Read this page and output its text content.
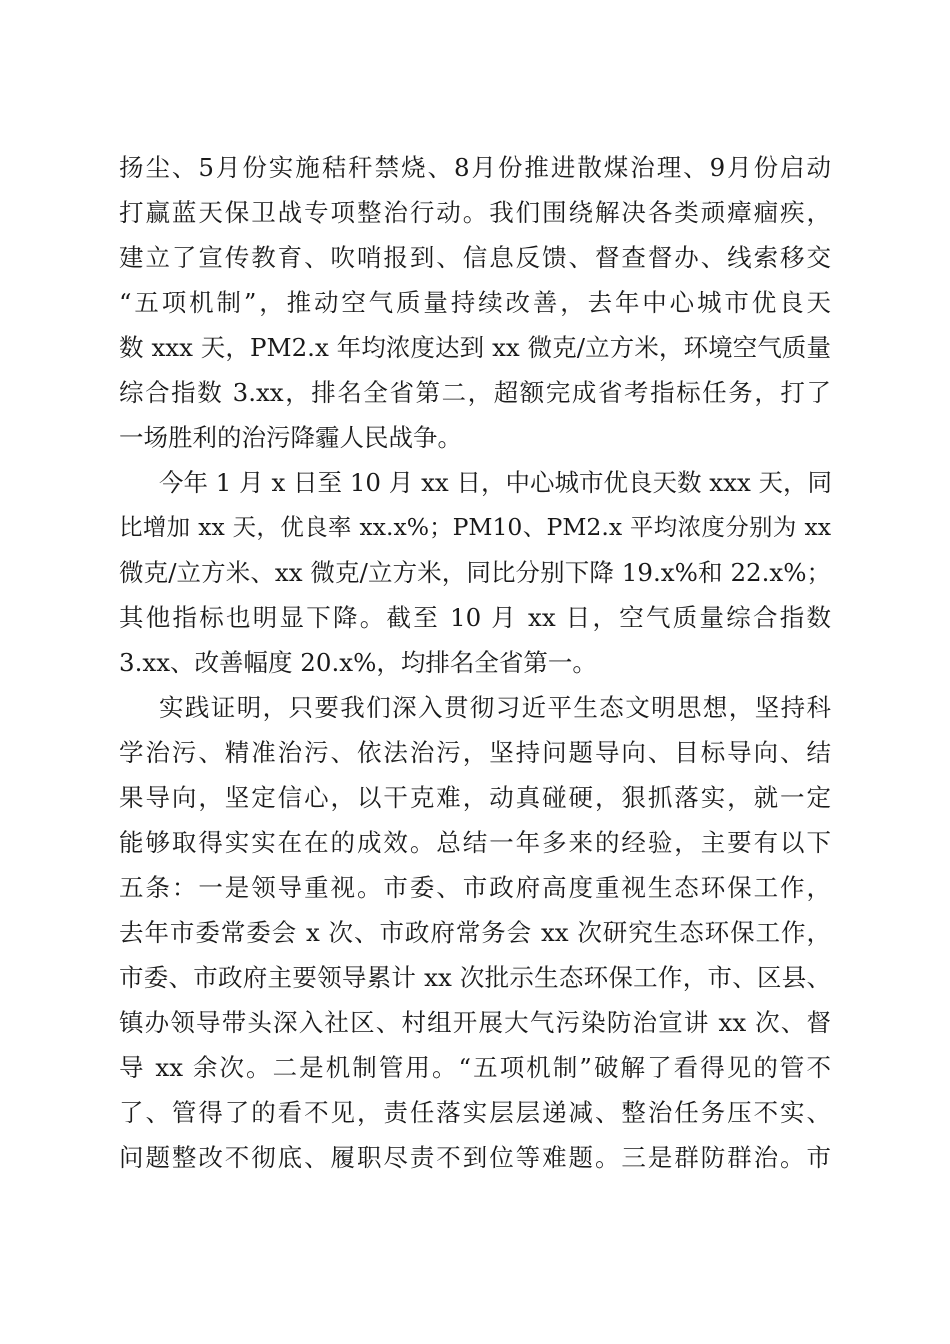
扬尘、5月份实施秸秆禁烧、8月份推进散煤治理、9月份启动
打赢蓝天保卫战专项整治行动。我们围绕解决各类顽瘴痼疾，
建立了宣传教育、吹哨报到、信息反馈、督查督办、线索移交
“五项机制”，推动空气质量持续改善，去年中心城市优良天
数 xxx 天，PM2.x 年均浓度达到 xx 微克/立方米，环境空气质量
综合指数 3.xx，排名全省第二，超额完成省考指标任务，打了
一场胜利的治污降霾人民战争。
今年 1 月 x 日至 10 月 xx 日，中心城市优良天数 xxx 天，同
比增加 xx 天，优良率 xx.x%；PM10、PM2.x 平均浓度分别为 xx
微克/立方米、xx 微克/立方米，同比分别下降 19.x%和 22.x%；
其他指标也明显下降。截至 10 月 xx 日，空气质量综合指数
3.xx、改善幅度 20.x%，均排名全省第一。
实践证明，只要我们深入贯彻习近平生态文明思想，坚持科
学治污、精准治污、依法治污，坚持问题导向、目标导向、结
果导向，坚定信心，以干克难，动真碰硬，狠抓落实，就一定
能够取得实实在在的成效。总结一年多来的经验，主要有以下
五条：一是领导重视。市委、市政府高度重视生态环保工作，
去年市委常委会 x 次、市政府常务会 xx 次研究生态环保工作，
市委、市政府主要领导累计 xx 次批示生态环保工作，市、区县、
镇办领导带头深入社区、村组开展大气污染防治宣讲 xx 次、督
导 xx 余次。二是机制管用。“五项机制”破解了看得见的管不
了、管得了的看不见，责任落实层层递减、整治任务压不实、
问题整改不彻底、履职尽责不到位等难题。三是群防群治。市
